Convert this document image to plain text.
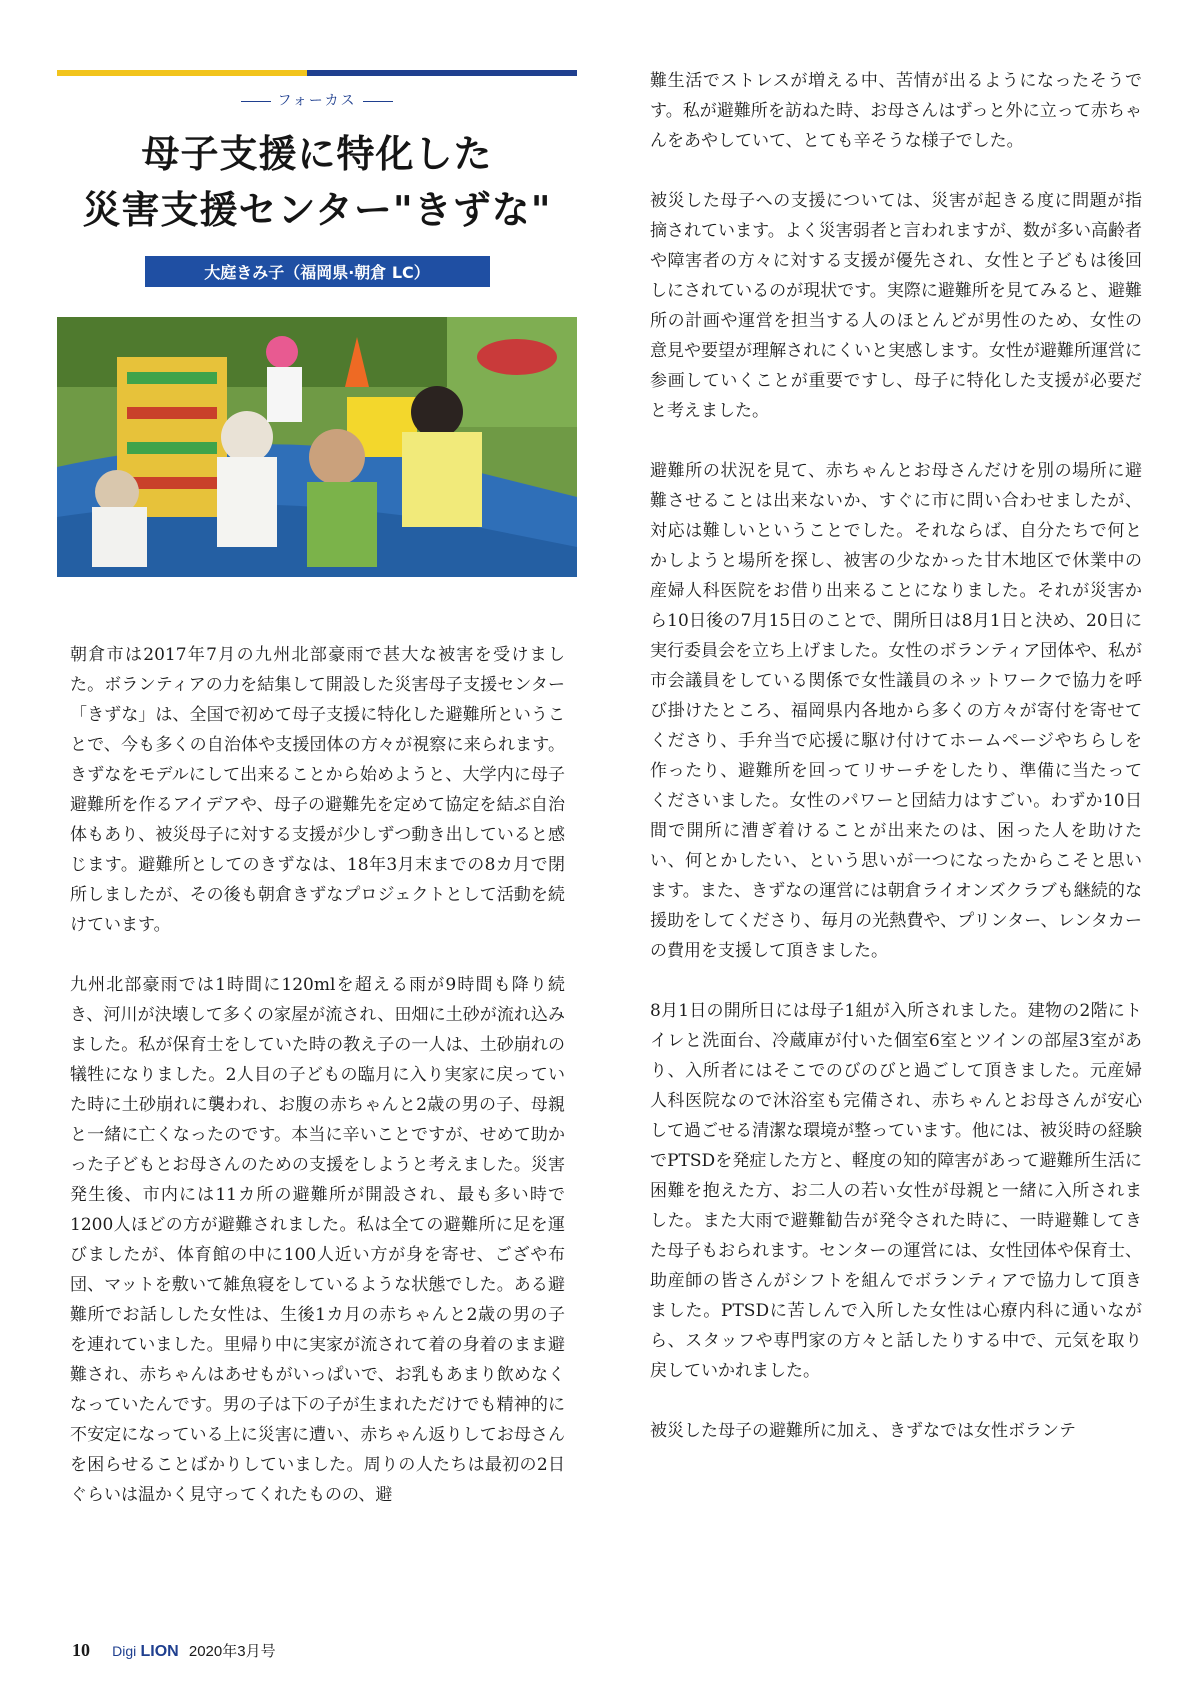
フォーカス
母子支援に特化した
災害支援センター"きずな"
大庭きみ子（福岡県·朝倉 LC）

朝倉市は2017年7月の九州北部豪雨で甚大な被害を受けました。ボランティアの力を結集して開設した災害母子支援センター「きずな」は、全国で初めて母子支援に特化した避難所ということで、今も多くの自治体や支援団体の方々が視察に来られます。きずなをモデルにして出来ることから始めようと、大学内に母子避難所を作るアイデアや、母子の避難先を定めて協定を結ぶ自治体もあり、被災母子に対する支援が少しずつ動き出していると感じます。避難所としてのきずなは、18年3月末までの8カ月で閉所しましたが、その後も朝倉きずなプロジェクトとして活動を続けています。

九州北部豪雨では1時間に120mlを超える雨が9時間も降り続き、河川が決壊して多くの家屋が流され、田畑に土砂が流れ込みました。私が保育士をしていた時の教え子の一人は、土砂崩れの犠牲になりました。2人目の子どもの臨月に入り実家に戻っていた時に土砂崩れに襲われ、お腹の赤ちゃんと2歳の男の子、母親と一緒に亡くなったのです。本当に辛いことですが、せめて助かった子どもとお母さんのための支援をしようと考えました。災害発生後、市内には11カ所の避難所が開設され、最も多い時で1200人ほどの方が避難されました。私は全ての避難所に足を運びましたが、体育館の中に100人近い方が身を寄せ、ござや布団、マットを敷いて雑魚寝をしているような状態でした。ある避難所でお話しした女性は、生後1カ月の赤ちゃんと2歳の男の子を連れていました。里帰り中に実家が流されて着の身着のまま避難され、赤ちゃんはあせもがいっぱいで、お乳もあまり飲めなくなっていたんです。男の子は下の子が生まれただけでも精神的に不安定になっている上に災害に遭い、赤ちゃん返りしてお母さんを困らせることばかりしていました。周りの人たちは最初の2日ぐらいは温かく見守ってくれたものの、避

難生活でストレスが増える中、苦情が出るようになったそうです。私が避難所を訪ねた時、お母さんはずっと外に立って赤ちゃんをあやしていて、とても辛そうな様子でした。

被災した母子への支援については、災害が起きる度に問題が指摘されています。よく災害弱者と言われますが、数が多い高齢者や障害者の方々に対する支援が優先され、女性と子どもは後回しにされているのが現状です。実際に避難所を見てみると、避難所の計画や運営を担当する人のほとんどが男性のため、女性の意見や要望が理解されにくいと実感します。女性が避難所運営に参画していくことが重要ですし、母子に特化した支援が必要だと考えました。

避難所の状況を見て、赤ちゃんとお母さんだけを別の場所に避難させることは出来ないか、すぐに市に問い合わせましたが、対応は難しいということでした。それならば、自分たちで何とかしようと場所を探し、被害の少なかった甘木地区で休業中の産婦人科医院をお借り出来ることになりました。それが災害から10日後の7月15日のことで、開所日は8月1日と決め、20日に実行委員会を立ち上げました。女性のボランティア団体や、私が市会議員をしている関係で女性議員のネットワークで協力を呼び掛けたところ、福岡県内各地から多くの方々が寄付を寄せてくださり、手弁当で応援に駆け付けてホームページやちらしを作ったり、避難所を回ってリサーチをしたり、準備に当たってくださいました。女性のパワーと団結力はすごい。わずか10日間で開所に漕ぎ着けることが出来たのは、困った人を助けたい、何とかしたい、という思いが一つになったからこそと思います。また、きずなの運営には朝倉ライオンズクラブも継続的な援助をしてくださり、毎月の光熱費や、プリンター、レンタカーの費用を支援して頂きました。

8月1日の開所日には母子1組が入所されました。建物の2階にトイレと洗面台、冷蔵庫が付いた個室6室とツインの部屋3室があり、入所者にはそこでのびのびと過ごして頂きました。元産婦人科医院なので沐浴室も完備され、赤ちゃんとお母さんが安心して過ごせる清潔な環境が整っています。他には、被災時の経験でPTSDを発症した方と、軽度の知的障害があって避難所生活に困難を抱えた方、お二人の若い女性が母親と一緒に入所されました。また大雨で避難勧告が発令された時に、一時避難してきた母子もおられます。センターの運営には、女性団体や保育士、助産師の皆さんがシフトを組んでボランティアで協力して頂きました。PTSDに苦しんで入所した女性は心療内科に通いながら、スタッフや専門家の方々と話したりする中で、元気を取り戻していかれました。

被災した母子の避難所に加え、きずなでは女性ボランテ

10 Digi LION 2020年3月号
